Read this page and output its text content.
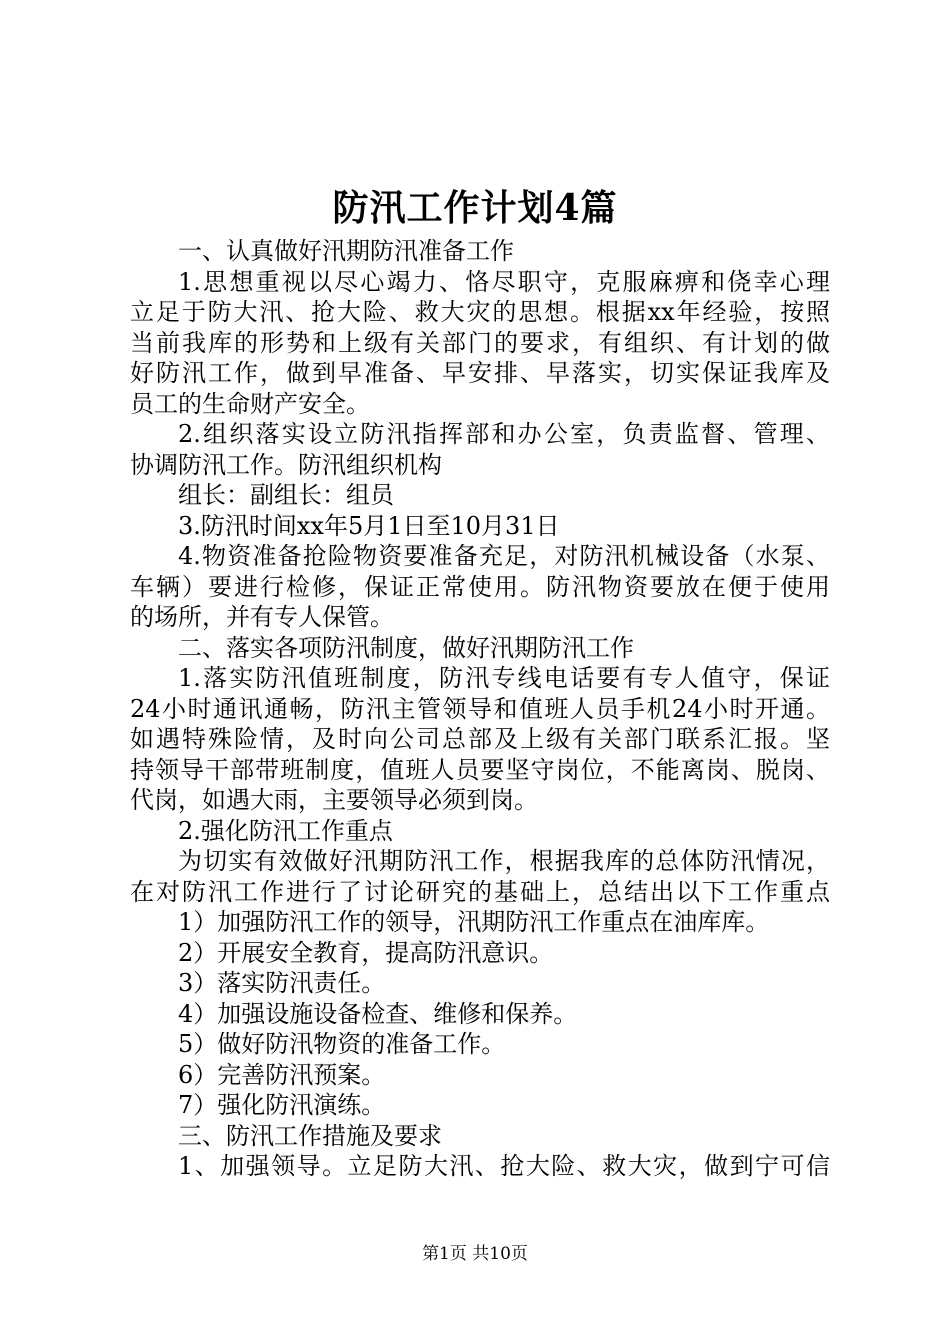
防汛工作计划4篇

一、认真做好汛期防汛准备工作

1.思想重视以尽心竭力、恪尽职守，克服麻痹和侥幸心理

立足于防大汛、抢大险、救大灾的思想。根据xx年经验，按照

当前我库的形势和上级有关部门的要求，有组织、有计划的做

好防汛工作，做到早准备、早安排、早落实，切实保证我库及

员工的生命财产安全。

2.组织落实设立防汛指挥部和办公室，负责监督、管理、

协调防汛工作。防汛组织机构

组长：副组长：组员

3.防汛时间xx年5月1日至10月31日

4.物资准备抢险物资要准备充足，对防汛机械设备（水泵、

车辆）要进行检修，保证正常使用。防汛物资要放在便于使用

的场所，并有专人保管。

二、落实各项防汛制度，做好汛期防汛工作

1.落实防汛值班制度，防汛专线电话要有专人值守，保证

24小时通讯通畅，防汛主管领导和值班人员手机24小时开通。

如遇特殊险情，及时向公司总部及上级有关部门联系汇报。坚

持领导干部带班制度，值班人员要坚守岗位，不能离岗、脱岗、

代岗，如遇大雨，主要领导必须到岗。

2.强化防汛工作重点

为切实有效做好汛期防汛工作，根据我库的总体防汛情况，

在对防汛工作进行了讨论研究的基础上，总结出以下工作重点

1）加强防汛工作的领导，汛期防汛工作重点在油库库。

2）开展安全教育，提高防汛意识。

3）落实防汛责任。

4）加强设施设备检查、维修和保养。

5）做好防汛物资的准备工作。

6）完善防汛预案。

7）强化防汛演练。

三、防汛工作措施及要求

1、加强领导。立足防大汛、抢大险、救大灾，做到宁可信

第1页 共10页
